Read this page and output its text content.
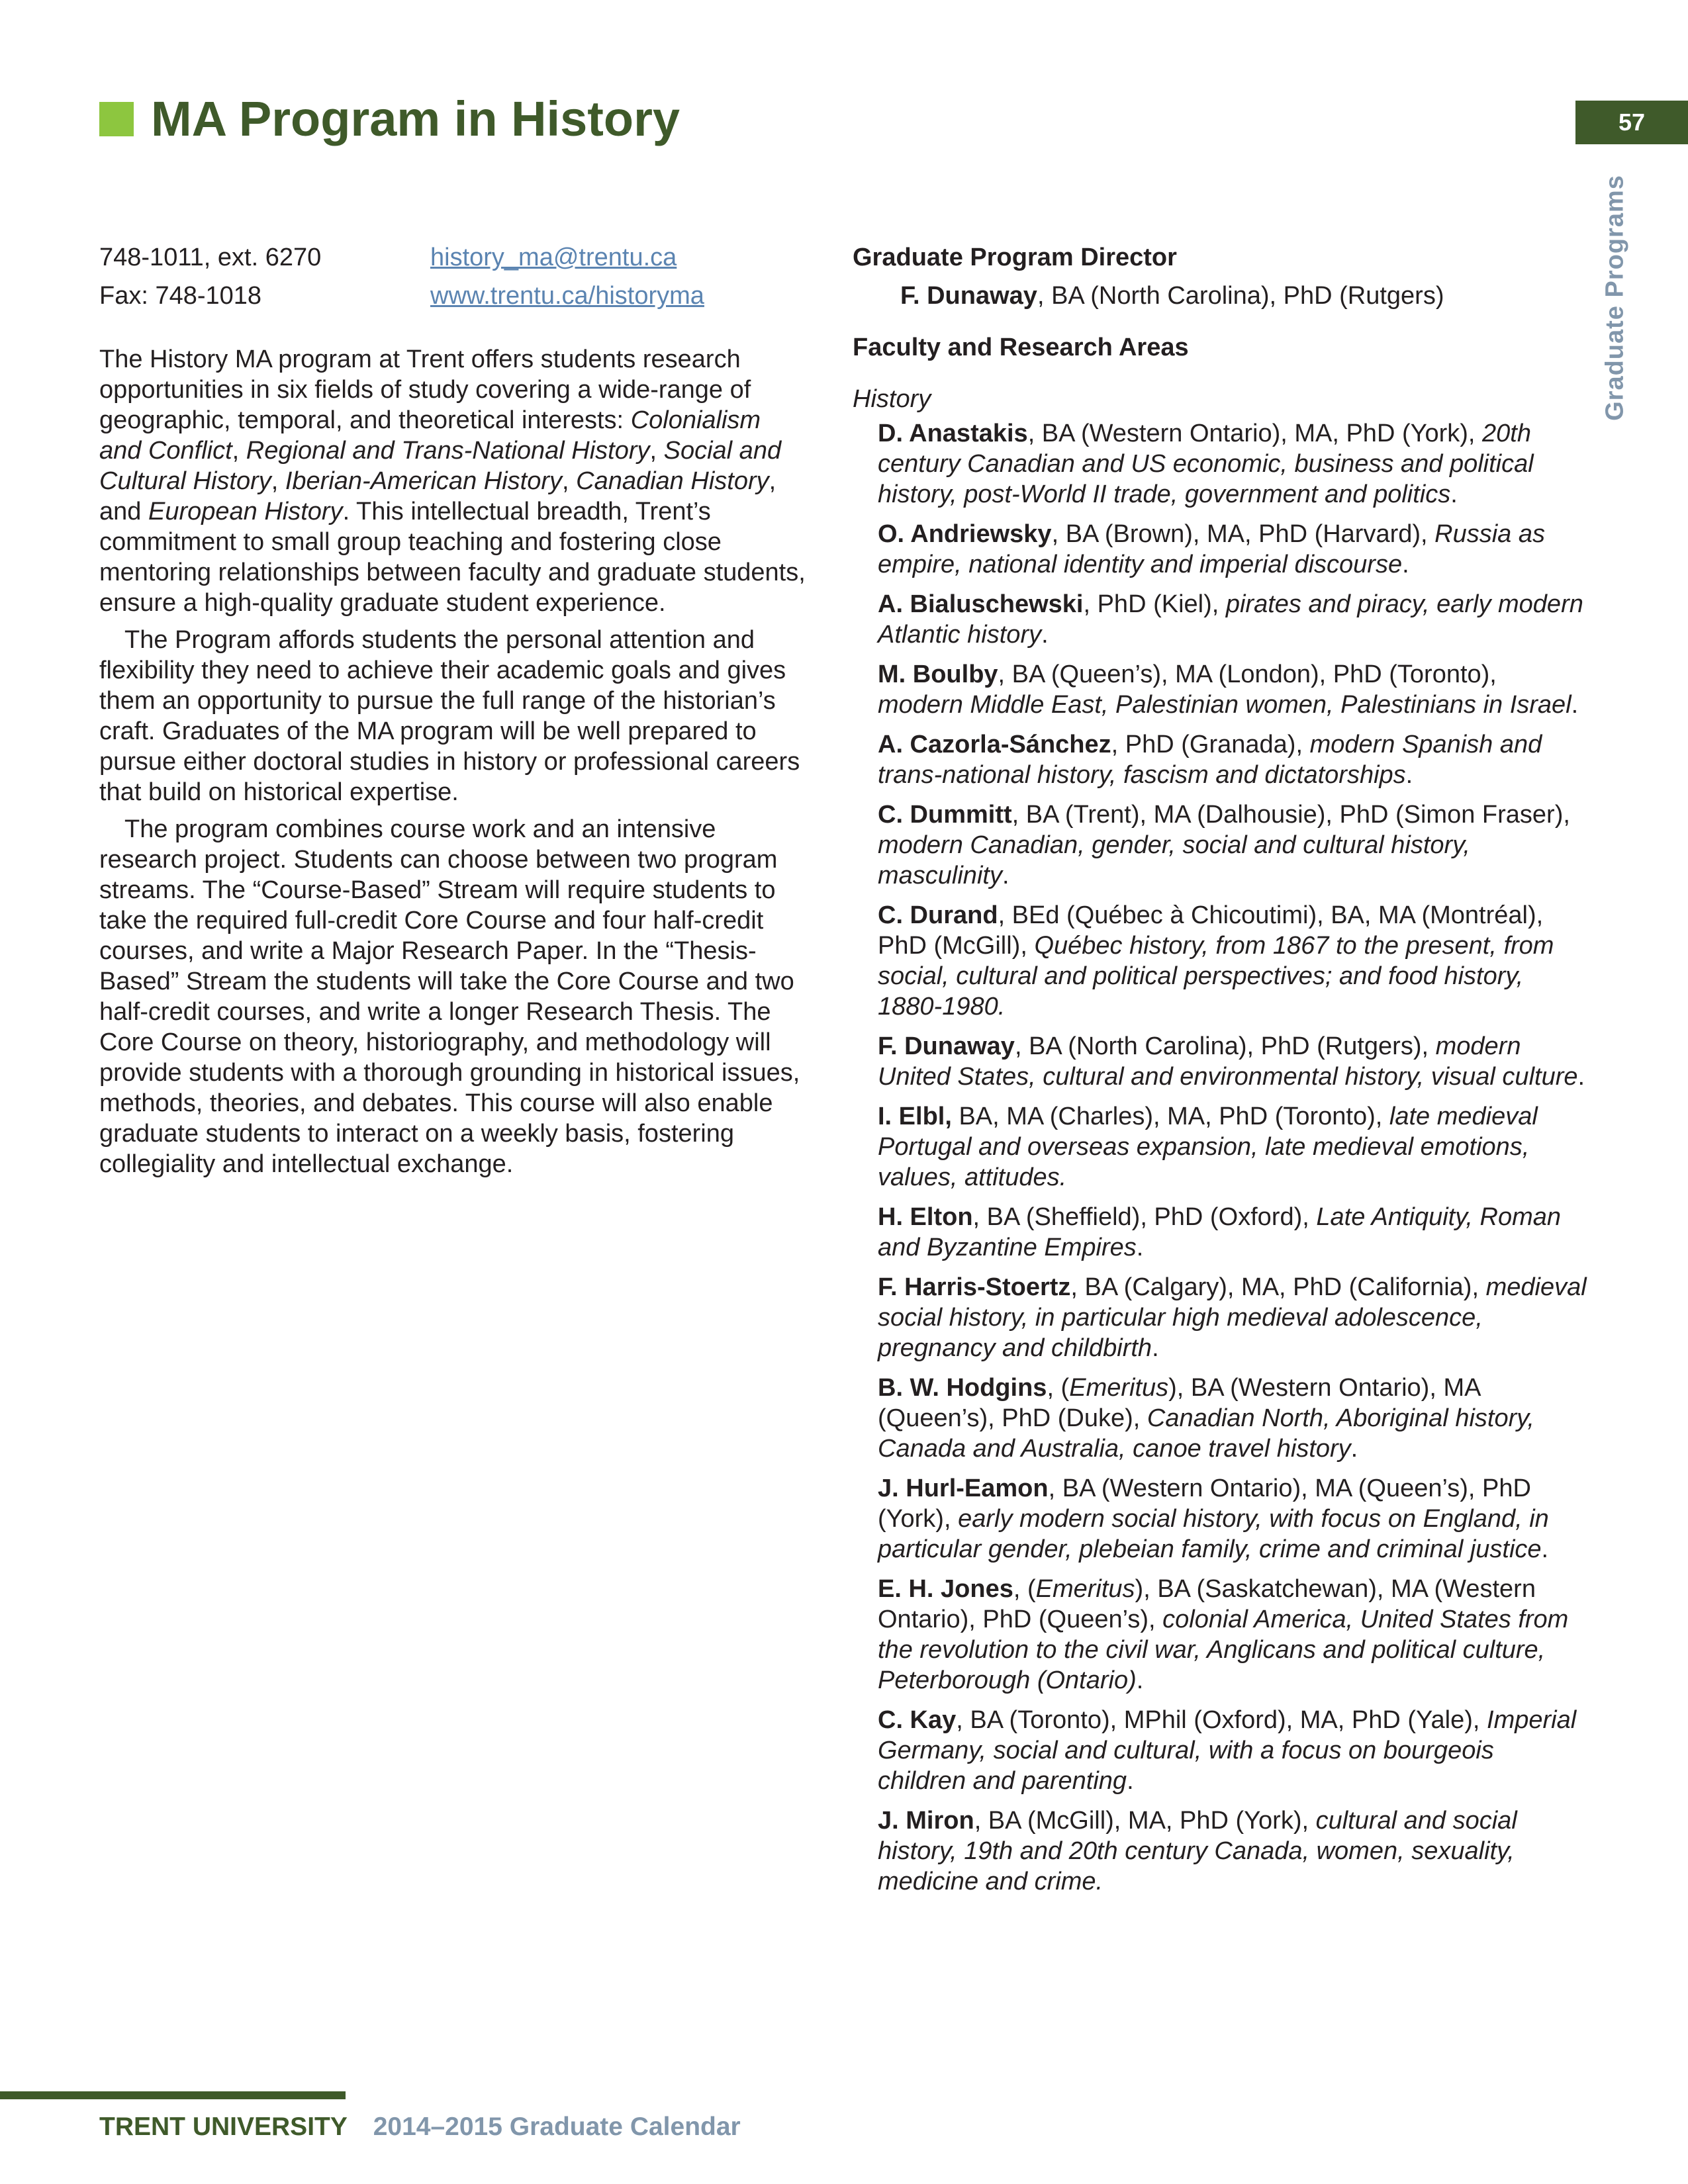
MA Program in History	57
Graduate Programs
748-1011, ext. 6270	history_ma@trentu.ca
Fax: 748-1018	www.trentu.ca/historyma

The History MA program at Trent offers students research opportunities in six fields of study covering a wide-range of geographic, temporal, and theoretical interests: Colonialism and Conflict, Regional and Trans-National History, Social and Cultural History, Iberian-American History, Canadian History, and European History. This intellectual breadth, Trent’s commitment to small group teaching and fostering close mentoring relationships between faculty and graduate students, ensure a high-quality graduate student experience.

The Program affords students the personal attention and flexibility they need to achieve their academic goals and gives them an opportunity to pursue the full range of the historian’s craft. Graduates of the MA program will be well prepared to pursue either doctoral studies in history or professional careers that build on historical expertise.

The program combines course work and an intensive research project. Students can choose between two program streams. The “Course-Based” Stream will require students to take the required full-credit Core Course and four half-credit courses, and write a Major Research Paper. In the “Thesis-Based” Stream the students will take the Core Course and two half-credit courses, and write a longer Research Thesis. The Core Course on theory, historiography, and methodology will provide students with a thorough grounding in historical issues, methods, theories, and debates. This course will also enable graduate students to interact on a weekly basis, fostering collegiality and intellectual exchange.

Graduate Program Director
F. Dunaway, BA (North Carolina), PhD (Rutgers)
Faculty and Research Areas
History

D. Anastakis, BA (Western Ontario), MA, PhD (York), 20th century Canadian and US economic, business and political history, post-World II trade, government and politics.

O. Andriewsky, BA (Brown), MA, PhD (Harvard), Russia as empire, national identity and imperial discourse.

A. Bialuschewski, PhD (Kiel), pirates and piracy, early modern Atlantic history.

M. Boulby, BA (Queen’s), MA (London), PhD (Toronto), modern Middle East, Palestinian women, Palestinians in Israel.

A. Cazorla-Sánchez, PhD (Granada), modern Spanish and trans-national history, fascism and dictatorships.

C. Dummitt, BA (Trent), MA (Dalhousie), PhD (Simon Fraser), modern Canadian, gender, social and cultural history, masculinity.

C. Durand, BEd (Québec à Chicoutimi), BA, MA (Montréal), PhD (McGill), Québec history, from 1867 to the present, from social, cultural and political perspectives; and food history, 1880-1980.

F. Dunaway, BA (North Carolina), PhD (Rutgers), modern United States, cultural and environmental history, visual culture.

I. Elbl, BA, MA (Charles), MA, PhD (Toronto), late medieval Portugal and overseas expansion, late medieval emotions, values, attitudes.

H. Elton, BA (Sheffield), PhD (Oxford), Late Antiquity, Roman and Byzantine Empires.

F. Harris-Stoertz, BA (Calgary), MA, PhD (California), medieval social history, in particular high medieval adolescence, pregnancy and childbirth.

B. W. Hodgins, (Emeritus), BA (Western Ontario), MA (Queen’s), PhD (Duke), Canadian North, Aboriginal history, Canada and Australia, canoe travel history.

J. Hurl-Eamon, BA (Western Ontario), MA (Queen’s), PhD (York), early modern social history, with focus on England, in particular gender, plebeian family, crime and criminal justice.

E. H. Jones, (Emeritus), BA (Saskatchewan), MA (Western Ontario), PhD (Queen’s), colonial America, United States from the revolution to the civil war, Anglicans and political culture, Peterborough (Ontario).

C. Kay, BA (Toronto), MPhil (Oxford), MA, PhD (Yale), Imperial Germany, social and cultural, with a focus on bourgeois children and parenting.

J. Miron, BA (McGill), MA, PhD (York), cultural and social history, 19th and 20th century Canada, women, sexuality, medicine and crime.

TRENT UNIVERSITY 2014–2015 Graduate Calendar
